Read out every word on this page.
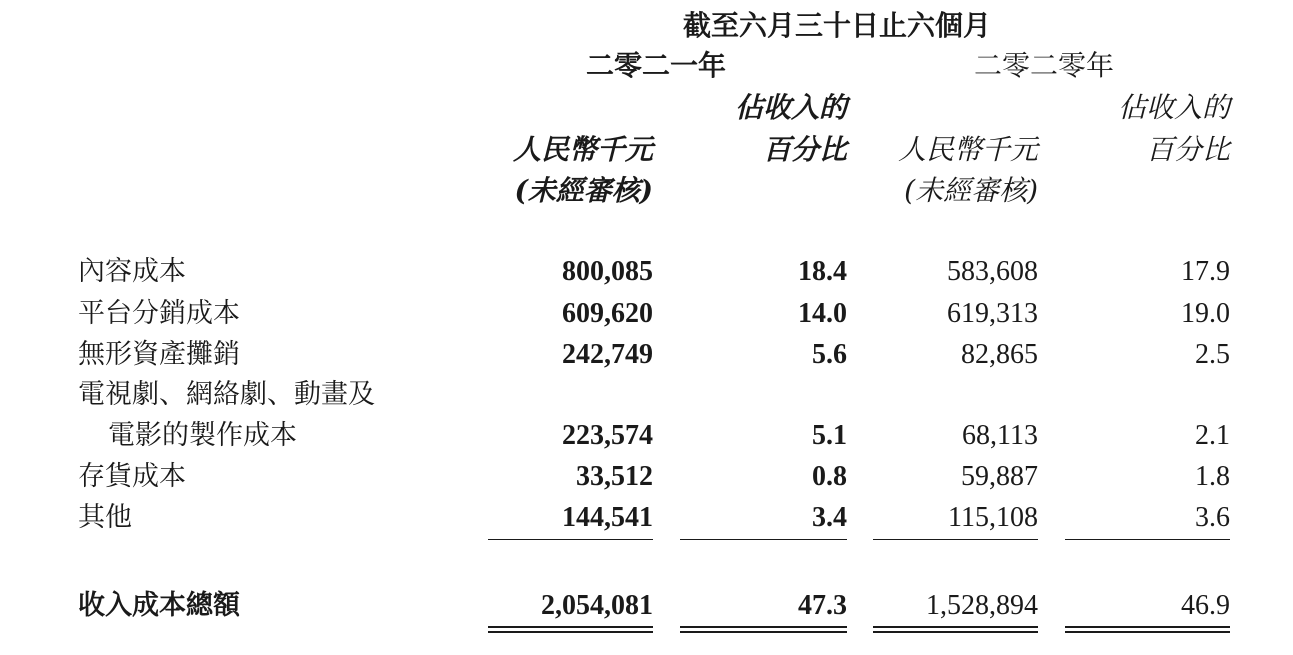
截至六月三十日止六個月
二零二一年	二零二零年
佔收入的	佔收入的
人民幣千元	百分比 人民幣千元	百分比
(未經審核)	(未經審核)
內容成本	800,085	18.4	583,608	17.9
平台分銷成本	609,620	14.0	619,313	19.0
無形資產攤銷	242,749	5.6	82,865	2.5
電視劇、網絡劇、動畫及
電影的製作成本	223,574	5.1	68,113	2.1
存貨成本	33,512	0.8	59,887	1.8
其他	144,541	3.4	115,108	3.6
收入成本總額	2,054,081	47.3	1,528,894	46.9
